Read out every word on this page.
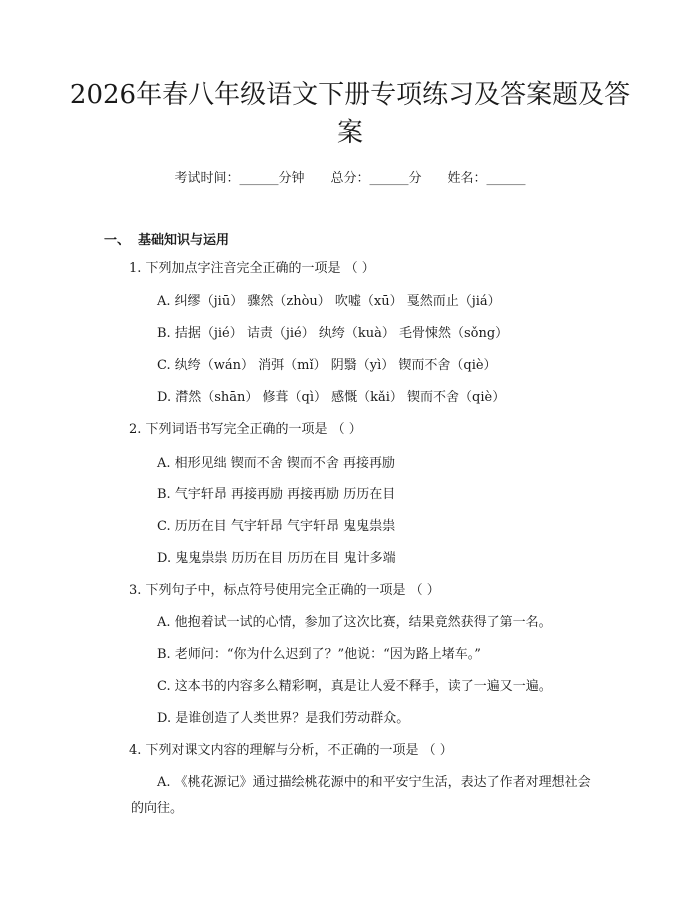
2026年春八年级语文下册专项练习及答案题及答案
考试时间：______分钟 总分：______分 姓名：______
一、 基础知识与运用
1. 下列加点字注音完全正确的一项是 （ ）
A. 纠缪（jiū） 骤然（zhòu） 吹嘘（xū） 戛然而止（jiá）
B. 拮据（jié） 诘责（jié） 纨绔（kuà） 毛骨悚然（sǒng）
C. 纨绔（wán） 消弭（mǐ） 阴翳（yì） 锲而不舍（qiè）
D. 潸然（shān） 修葺（qì） 感慨（kǎi） 锲而不舍（qiè）
2. 下列词语书写完全正确的一项是 （ ）
A. 相形见绌 锲而不舍 锲而不舍 再接再励
B. 气宇轩昂 再接再励 再接再励 历历在目
C. 历历在目 气宇轩昂 气宇轩昂 鬼鬼祟祟
D. 鬼鬼祟祟 历历在目 历历在目 鬼计多端
3. 下列句子中，标点符号使用完全正确的一项是 （ ）
A. 他抱着试一试的心情，参加了这次比赛，结果竟然获得了第一名。
B. 老师问：“你为什么迟到了？”他说：“因为路上堵车。”
C. 这本书的内容多么精彩啊，真是让人爱不释手，读了一遍又一遍。
D. 是谁创造了人类世界？是我们劳动群众。
4. 下列对课文内容的理解与分析，不正确的一项是 （ ）

A. 《桃花源记》通过描绘桃花源中的和平安宁生活，表达了作者对理想社会的向往。
